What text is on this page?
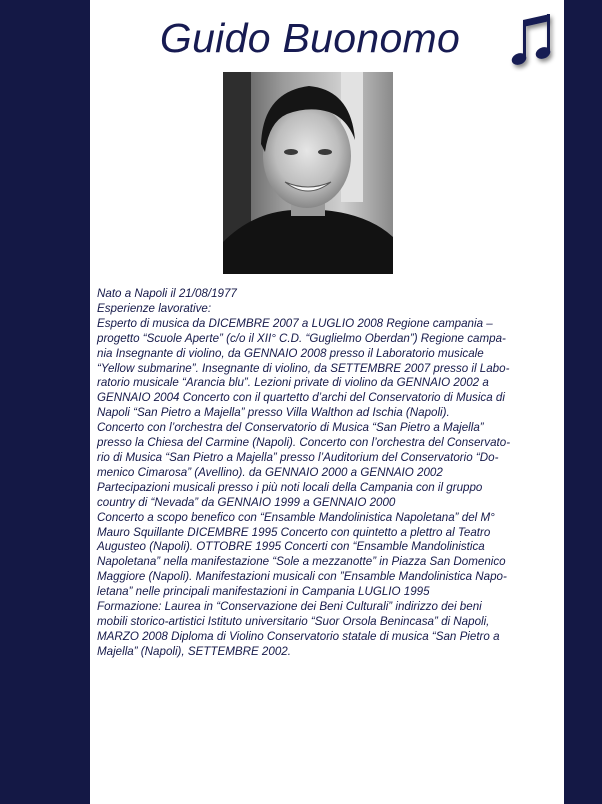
Guido Buonomo
Nato a Napoli il 21/08/1977
Esperienze lavorative:
Esperto di musica da DICEMBRE 2007 a LUGLIO 2008 Regione campania –
progetto “Scuole Aperte” (c/o il XII° C.D. “Guglielmo Oberdan”) Regione campa-
nia Insegnante di violino, da GENNAIO 2008 presso il Laboratorio musicale
“Yellow submarine”. Insegnante di violino, da SETTEMBRE 2007 presso il Labo-
ratorio musicale “Arancia blu”. Lezioni private di violino da GENNAIO 2002 a
GENNAIO 2004 Concerto con il quartetto d’archi del Conservatorio di Musica di
Napoli “San Pietro a Majella” presso Villa Walthon ad Ischia (Napoli).
Concerto con l’orchestra del Conservatorio di Musica “San Pietro a Majella”
presso la Chiesa del Carmine (Napoli). Concerto con l’orchestra del Conservato-
rio di Musica “San Pietro a Majella” presso l’Auditorium del Conservatorio “Do-
menico Cimarosa” (Avellino). da GENNAIO 2000 a GENNAIO 2002
Partecipazioni musicali presso i più noti locali della Campania con il gruppo
country di “Nevada” da GENNAIO 1999 a GENNAIO 2000
Concerto a scopo benefico con “Ensamble Mandolinistica Napoletana” del M°
Mauro Squillante DICEMBRE 1995 Concerto con quintetto a plettro al Teatro
Augusteo (Napoli). OTTOBRE 1995 Concerti con “Ensamble Mandolinistica
Napoletana” nella manifestazione “Sole a mezzanotte” in Piazza San Domenico
Maggiore (Napoli). Manifestazioni musicali con ”Ensamble Mandolinistica Napo-
letana” nelle principali manifestazioni in Campania LUGLIO 1995
Formazione: Laurea in “Conservazione dei Beni Culturali” indirizzo dei beni
mobili storico-artistici Istituto universitario “Suor Orsola Benincasa” di Napoli,
MARZO 2008 Diploma di Violino Conservatorio statale di musica “San Pietro a
Majella” (Napoli), SETTEMBRE 2002.
